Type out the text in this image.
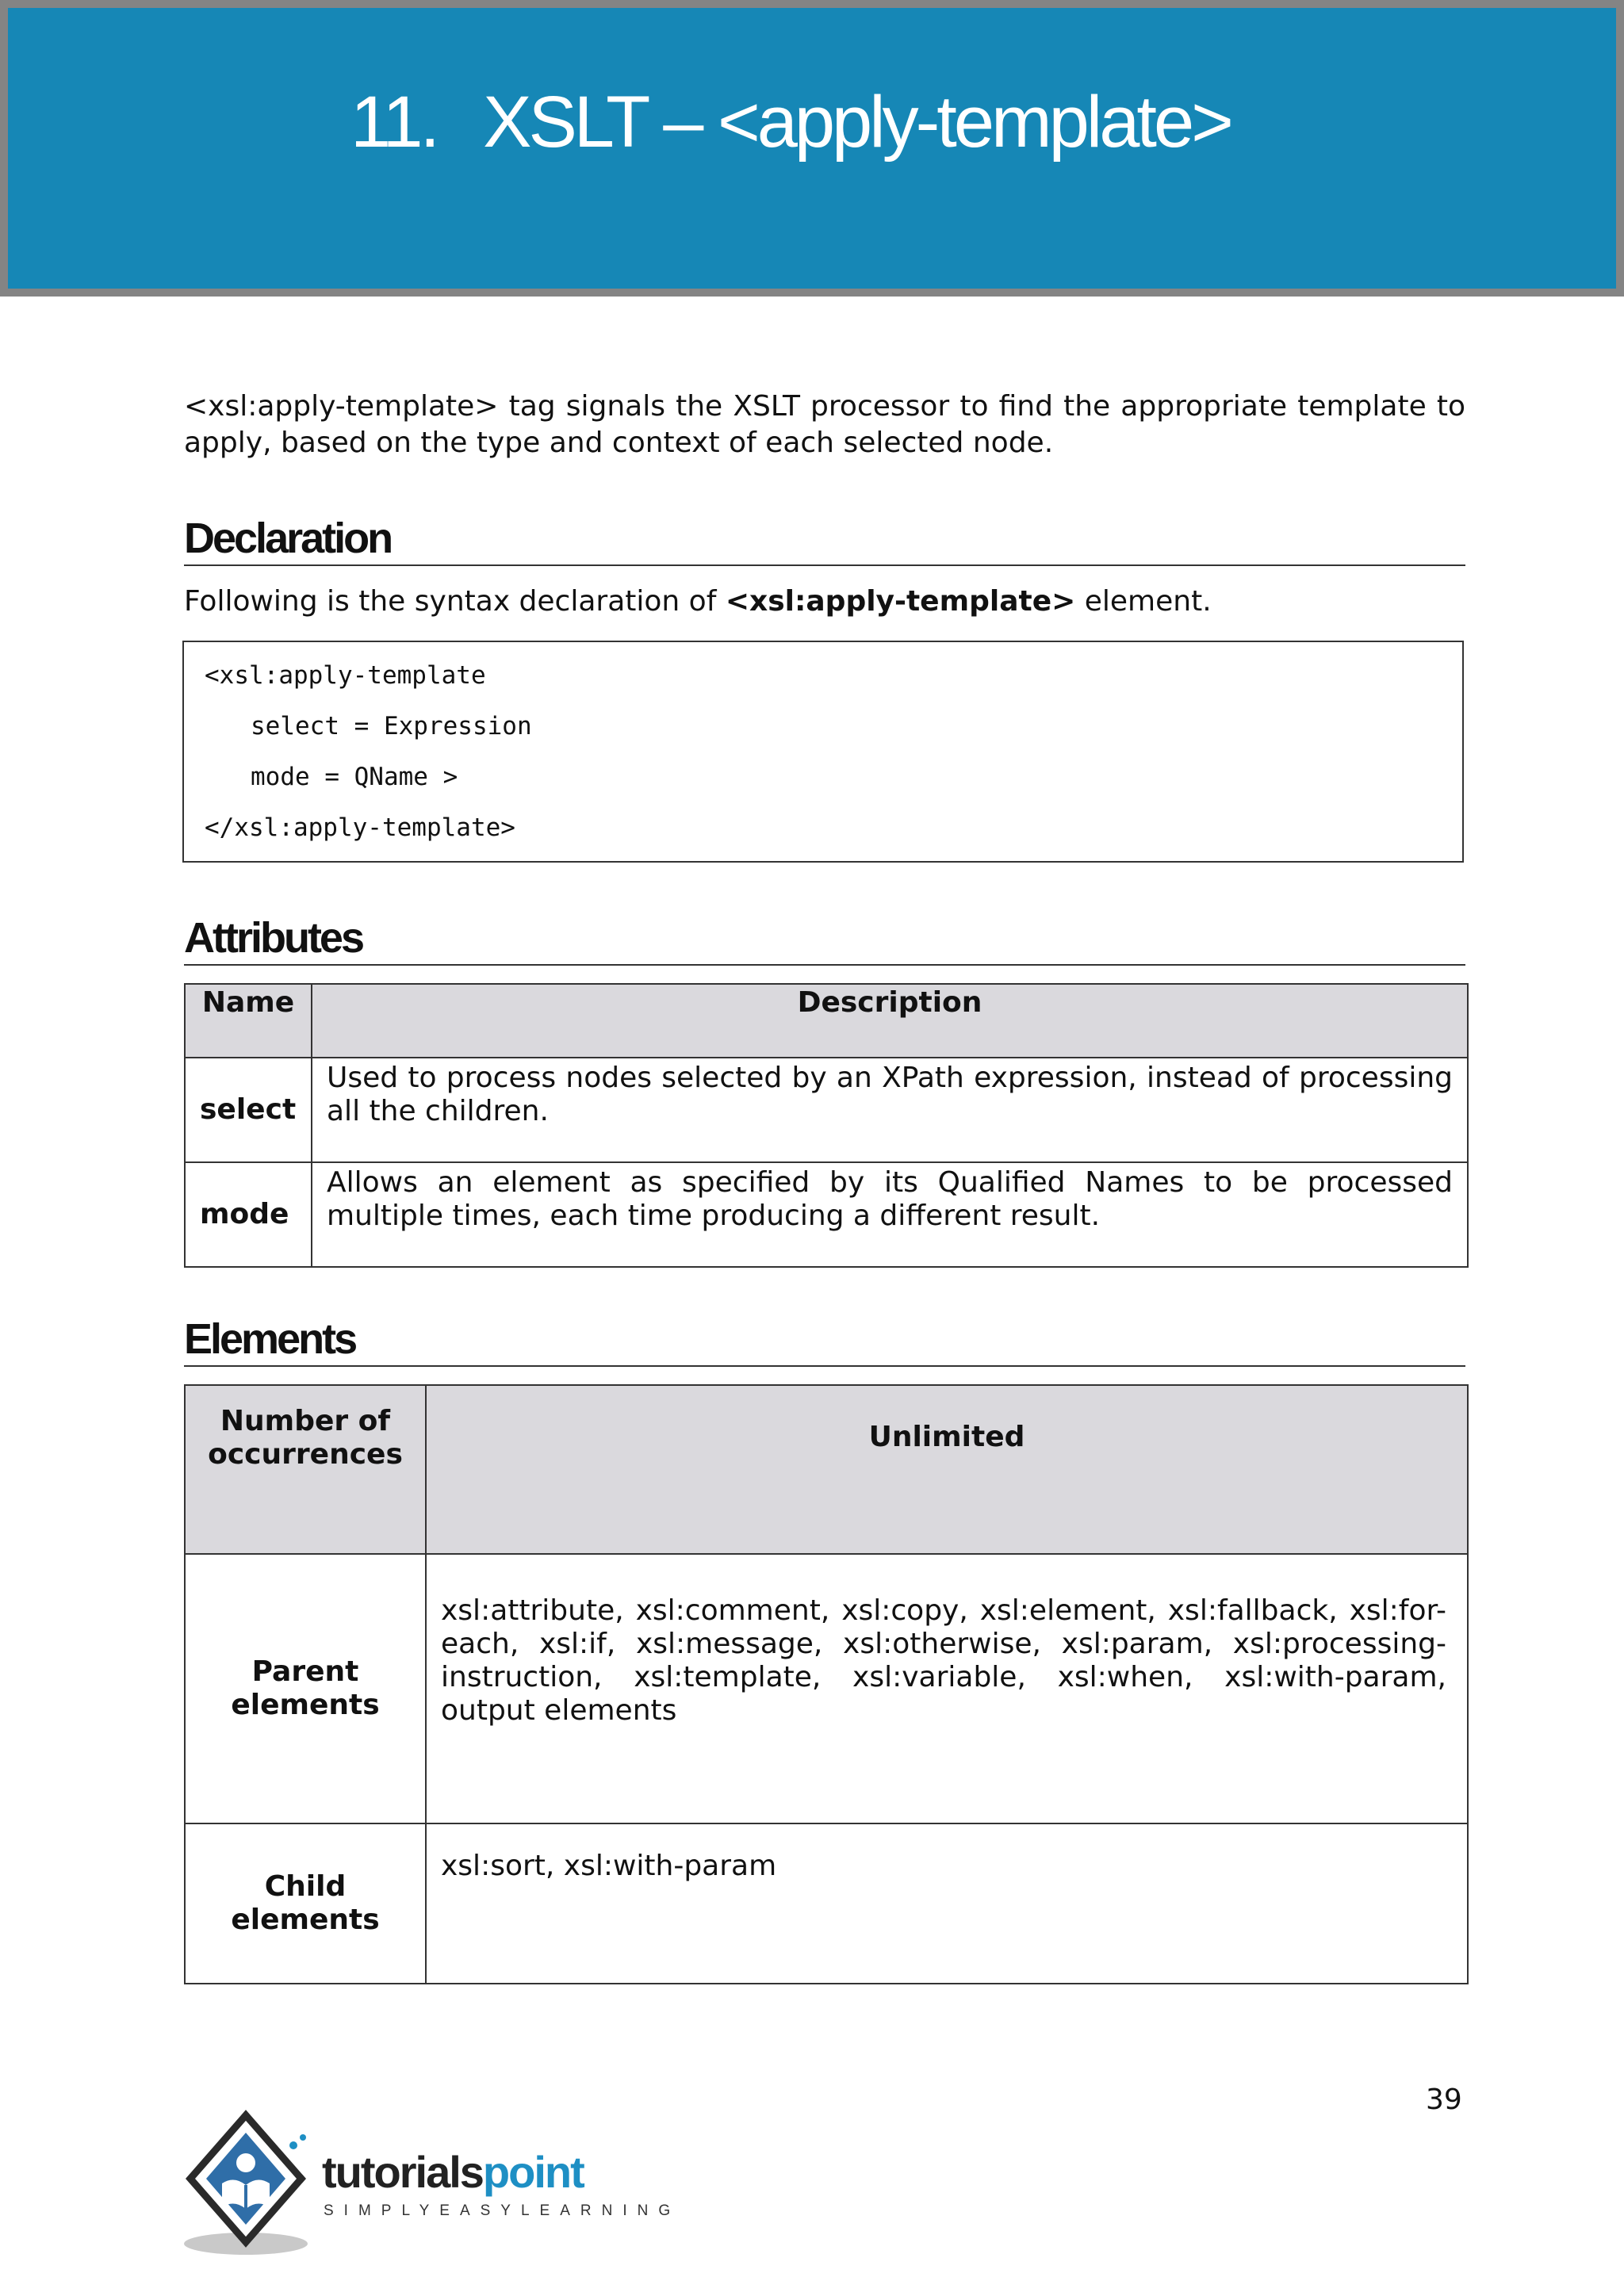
11. XSLT – <apply-template>

<xsl:apply-template> tag signals the XSLT processor to find the appropriate template to apply, based on the type and context of each selected node.

Declaration
Following is the syntax declaration of <xsl:apply-template> element.
<xsl:apply-template
select = Expression
mode = QName >
</xsl:apply-template>
Attributes
Name	Description
select	Used to process nodes selected by an XPath expression, instead of processing all the children.
mode	Allows an element as specified by its Qualified Names to be processed multiple times, each time producing a different result.
Elements
Number of occurrences	Unlimited
Parent elements	xsl:attribute, xsl:comment, xsl:copy, xsl:element, xsl:fallback, xsl:for-each, xsl:if, xsl:message, xsl:otherwise, xsl:param, xsl:processing-instruction, xsl:template, xsl:variable, xsl:when, xsl:with-param, output elements
Child elements	xsl:sort, xsl:with-param
39
tutorialspoint
SIMPLYEASYLEARNING
